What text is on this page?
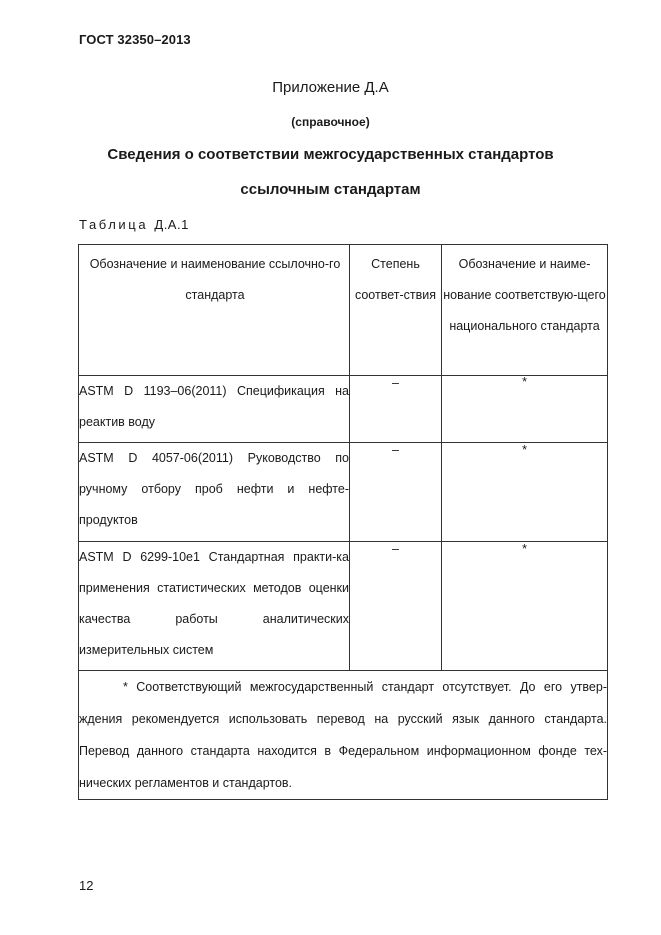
ГОСТ 32350–2013
Приложение Д.А
(справочное)
Сведения о соответствии межгосударственных стандартов
ссылочным стандартам
Таблица Д.А.1
Обозначение и наименование ссылочно-го стандарта	Степень соответ-ствия	Обозначение и наиме-нование соответствую-щего национального стандарта
ASTM D 1193–06(2011) Спецификация на реактив воду	–	*
ASTM D 4057-06(2011) Руководство по ручному отбору проб нефти и нефте-продуктов	–	*
ASTM D 6299-10е1 Стандартная практи-ка применения статистических методов оценки качества работы аналитических измерительных систем	–	*

* Соответствующий межгосударственный стандарт отсутствует. До его утвер-ждения рекомендуется использовать перевод на русский язык данного стандарта. Перевод данного стандарта находится в Федеральном информационном фонде тех-нических регламентов и стандартов.		
12
